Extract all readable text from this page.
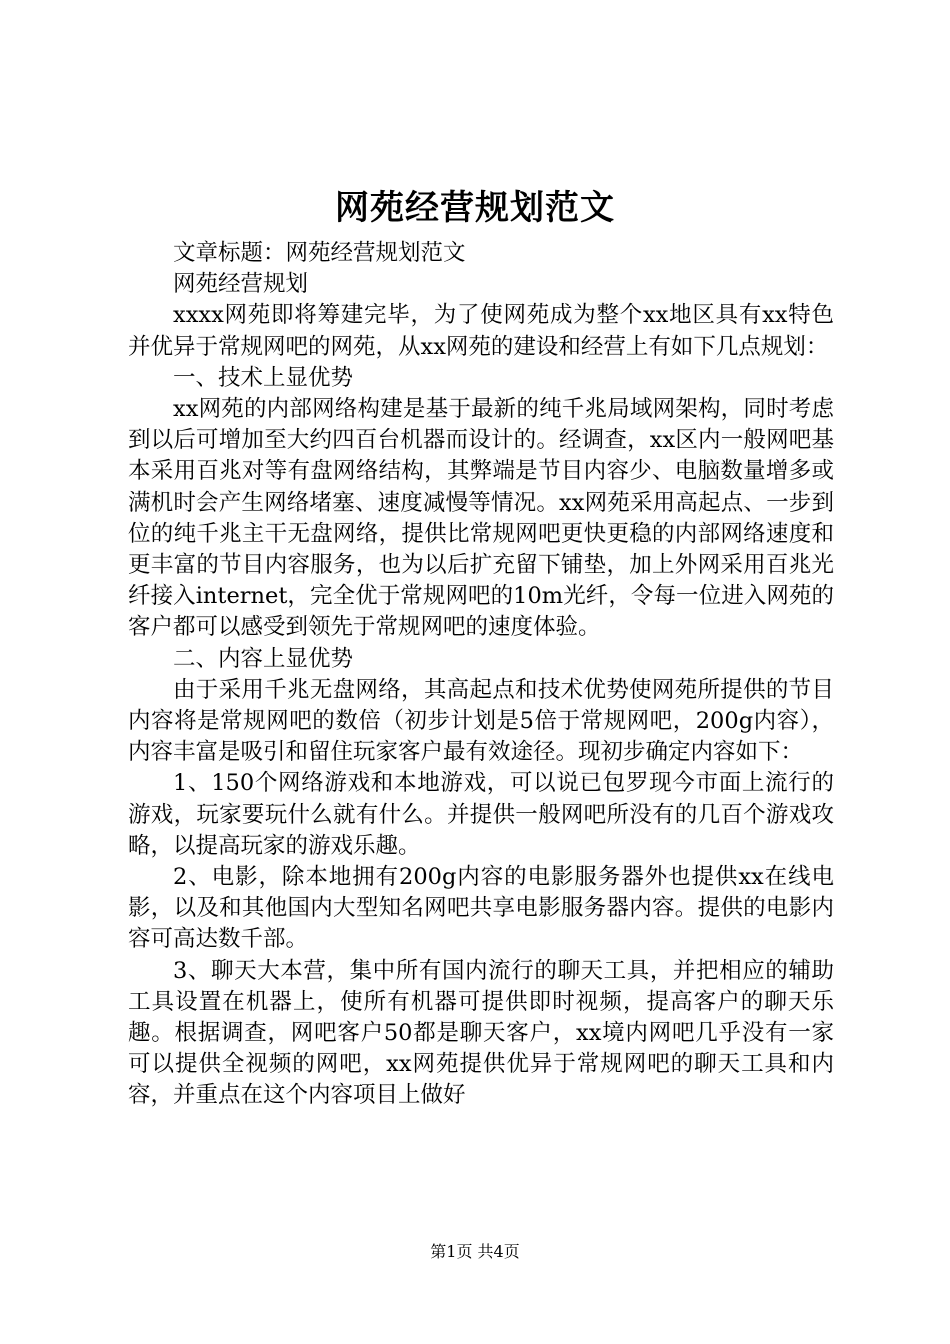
网苑经营规划范文

文章标题：网苑经营规划范文

网苑经营规划

xxxx网苑即将筹建完毕，为了使网苑成为整个xx地区具有xx特色并优异于常规网吧的网苑，从xx网苑的建设和经营上有如下几点规划：

一、技术上显优势

xx网苑的内部网络构建是基于最新的纯千兆局域网架构，同时考虑到以后可增加至大约四百台机器而设计的。经调查，xx区内一般网吧基本采用百兆对等有盘网络结构，其弊端是节目内容少、电脑数量增多或满机时会产生网络堵塞、速度减慢等情况。xx网苑采用高起点、一步到位的纯千兆主干无盘网络，提供比常规网吧更快更稳的内部网络速度和更丰富的节目内容服务，也为以后扩充留下铺垫，加上外网采用百兆光纤接入internet，完全优于常规网吧的10m光纤，令每一位进入网苑的客户都可以感受到领先于常规网吧的速度体验。

二、内容上显优势

由于采用千兆无盘网络，其高起点和技术优势使网苑所提供的节目内容将是常规网吧的数倍（初步计划是5倍于常规网吧，200g内容），内容丰富是吸引和留住玩家客户最有效途径。现初步确定内容如下：

1、150个网络游戏和本地游戏，可以说已包罗现今市面上流行的游戏，玩家要玩什么就有什么。并提供一般网吧所没有的几百个游戏攻略，以提高玩家的游戏乐趣。

2、电影，除本地拥有200g内容的电影服务器外也提供xx在线电影，以及和其他国内大型知名网吧共享电影服务器内容。提供的电影内容可高达数千部。

3、聊天大本营，集中所有国内流行的聊天工具，并把相应的辅助工具设置在机器上，使所有机器可提供即时视频，提高客户的聊天乐趣。根据调查，网吧客户50都是聊天客户，xx境内网吧几乎没有一家可以提供全视频的网吧，xx网苑提供优异于常规网吧的聊天工具和内容，并重点在这个内容项目上做好

第1页 共4页
